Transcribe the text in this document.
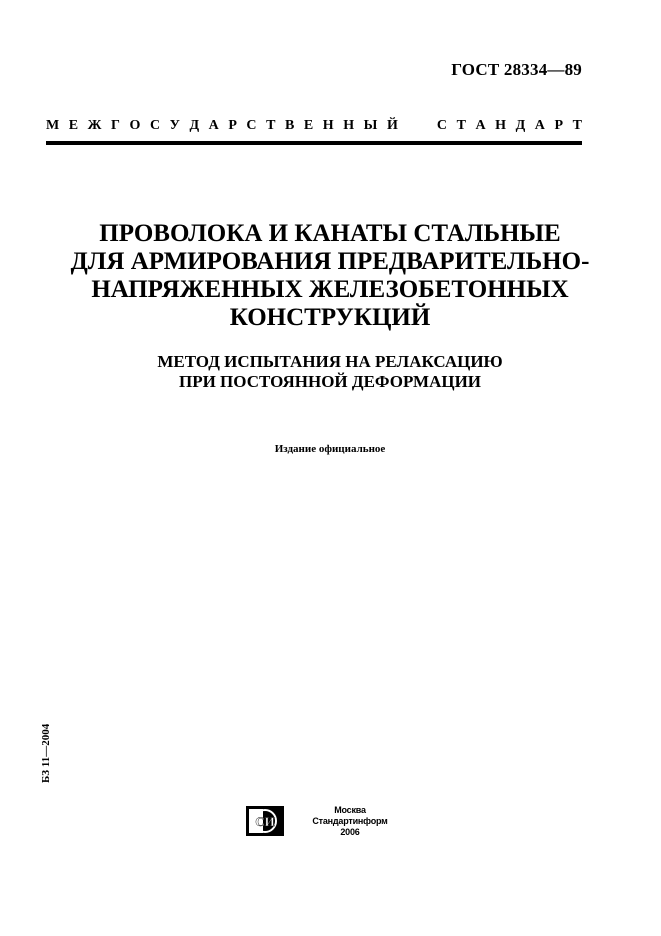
ГОСТ 28334—89
М Е Ж Г О С У Д А Р С Т В Е Н Н Ы Й	С Т А Н Д А Р Т
ПРОВОЛОКА И КАНАТЫ СТАЛЬНЫЕ
ДЛЯ АРМИРОВАНИЯ ПРЕДВАРИТЕЛЬНО-
НАПРЯЖЕННЫХ ЖЕЛЕЗОБЕТОННЫХ
КОНСТРУКЦИЙ
МЕТОД ИСПЫТАНИЯ НА РЕЛАКСАЦИЮ
ПРИ ПОСТОЯННОЙ ДЕФОРМАЦИИ
Издание официальное
БЗ 11—2004
СИ
Москва
Стандартинформ
2006
